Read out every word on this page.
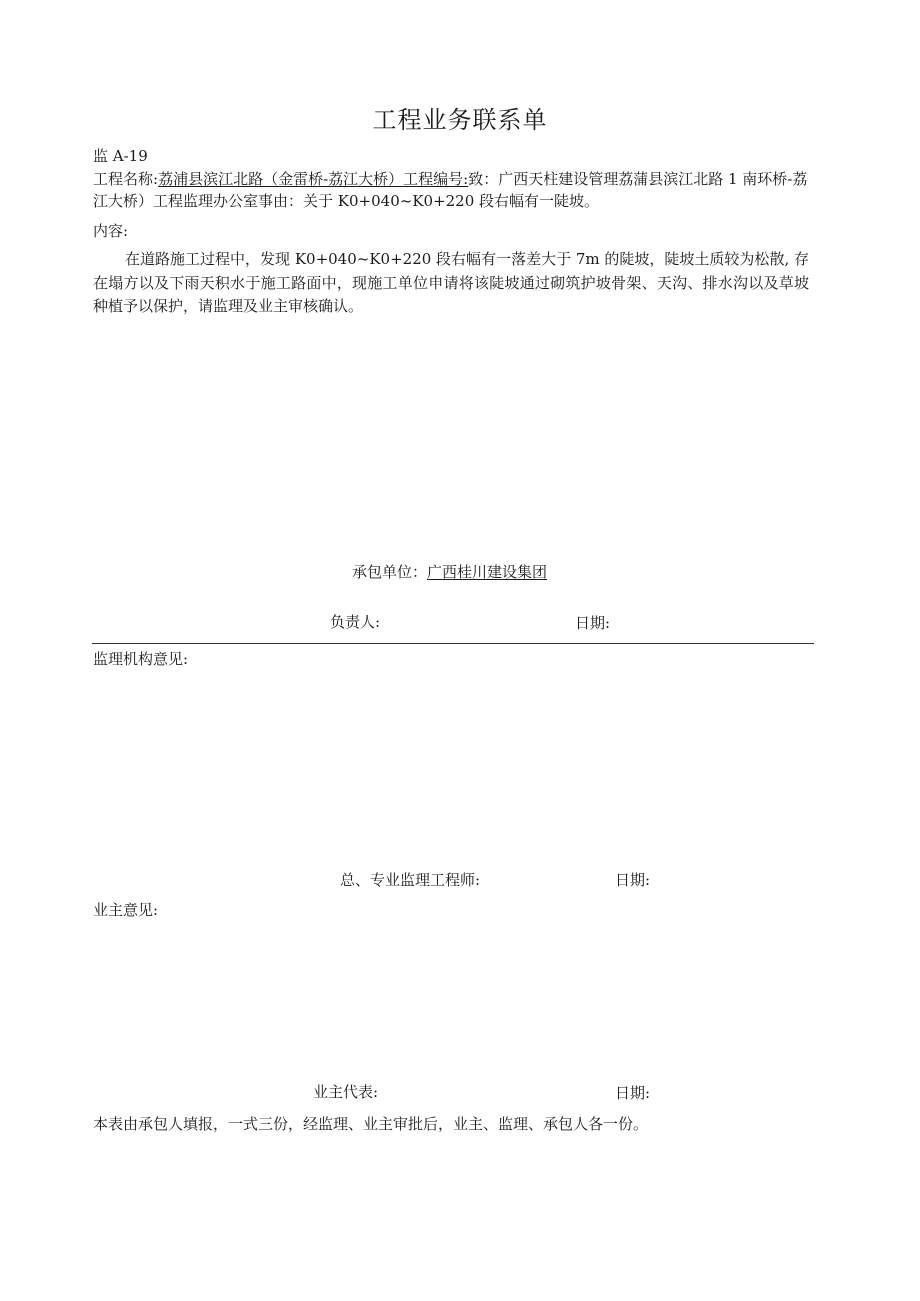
工程业务联系单
监 A-19
工程名称:荔浦县滨江北路（金雷桥-荔江大桥）工程编号:致：广西天柱建设管理荔蒲县滨江北路 1 南环桥-荔江大桥）工程监理办公室事由：关于 K0+040~K0+220 段右幅有一陡坡。
内容:
在道路施工过程中，发现 K0+040~K0+220 段右幅有一落差大于 7m 的陡坡，陡坡土质较为松散, 存在塌方以及下雨天积水于施工路面中，现施工单位申请将该陡坡通过砌筑护坡骨架、天沟、排水沟以及草坡种植予以保护，请监理及业主审核确认。
承包单位：广西桂川建设集团
负责人:	日期:
监理机构意见:
总、专业监理工程师:	日期:
业主意见:
业主代表:	日期:
本表由承包人填报，一式三份，经监理、业主审批后，业主、监理、承包人各一份。
